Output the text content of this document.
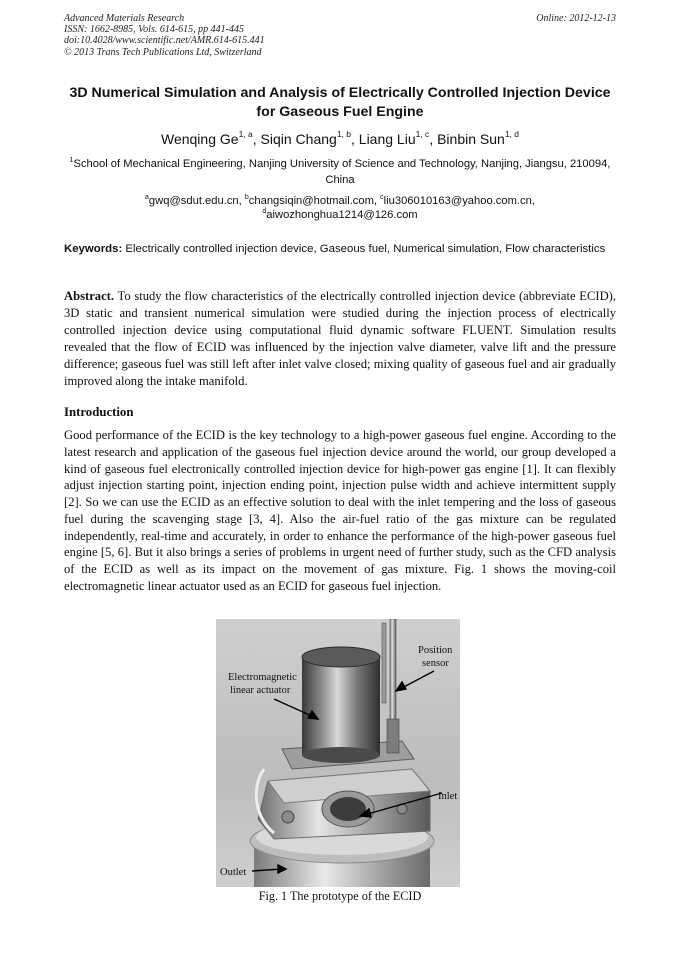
Advanced Materials Research
ISSN: 1662-8985, Vols. 614-615, pp 441-445
doi:10.4028/www.scientific.net/AMR.614-615.441
© 2013 Trans Tech Publications Ltd, Switzerland
Online: 2012-12-13
3D Numerical Simulation and Analysis of Electrically Controlled Injection Device for Gaseous Fuel Engine
Wenqing Ge$^{1, a}$, Siqin Chang$^{1, b}$, Liang Liu$^{1, c}$, Binbin Sun$^{1, d}$
$^1$School of Mechanical Engineering, Nanjing University of Science and Technology, Nanjing, Jiangsu, 210094, China
$^a$gwq@sdut.edu.cn, $^b$changsiqin@hotmail.com, $^c$liu306010163@yahoo.com.cn,
$^d$aiwozhonghua1214@126.com
Keywords: Electrically controlled injection device, Gaseous fuel, Numerical simulation, Flow characteristics
Abstract. To study the flow characteristics of the electrically controlled injection device (abbreviate ECID), 3D static and transient numerical simulation were studied during the injection process of electrically controlled injection device using computational fluid dynamic software FLUENT. Simulation results revealed that the flow of ECID was influenced by the injection valve diameter, valve lift and the pressure difference; gaseous fuel was still left after inlet valve closed; mixing quality of gaseous fuel and air gradually improved along the intake manifold.
Introduction
Good performance of the ECID is the key technology to a high-power gaseous fuel engine. According to the latest research and application of the gaseous fuel injection device around the world, our group developed a kind of gaseous fuel electronically controlled injection device for high-power gas engine [1]. It can flexibly adjust injection starting point, injection ending point, injection pulse width and achieve intermittent supply [2]. So we can use the ECID as an effective solution to deal with the inlet tempering and the loss of gaseous fuel during the scavenging stage [3, 4]. Also the air-fuel ratio of the gas mixture can be regulated independently, real-time and accurately, in order to enhance the performance of the high-power gaseous fuel engine [5, 6]. But it also brings a series of problems in urgent need of further study, such as the CFD analysis of the ECID as well as its impact on the movement of gas mixture. Fig. 1 shows the moving-coil electromagnetic linear actuator used as an ECID for gaseous fuel injection.
Electromagnetic
linear actuator
Position
sensor
Inlet
Outlet
Fig. 1 The prototype of the ECID
